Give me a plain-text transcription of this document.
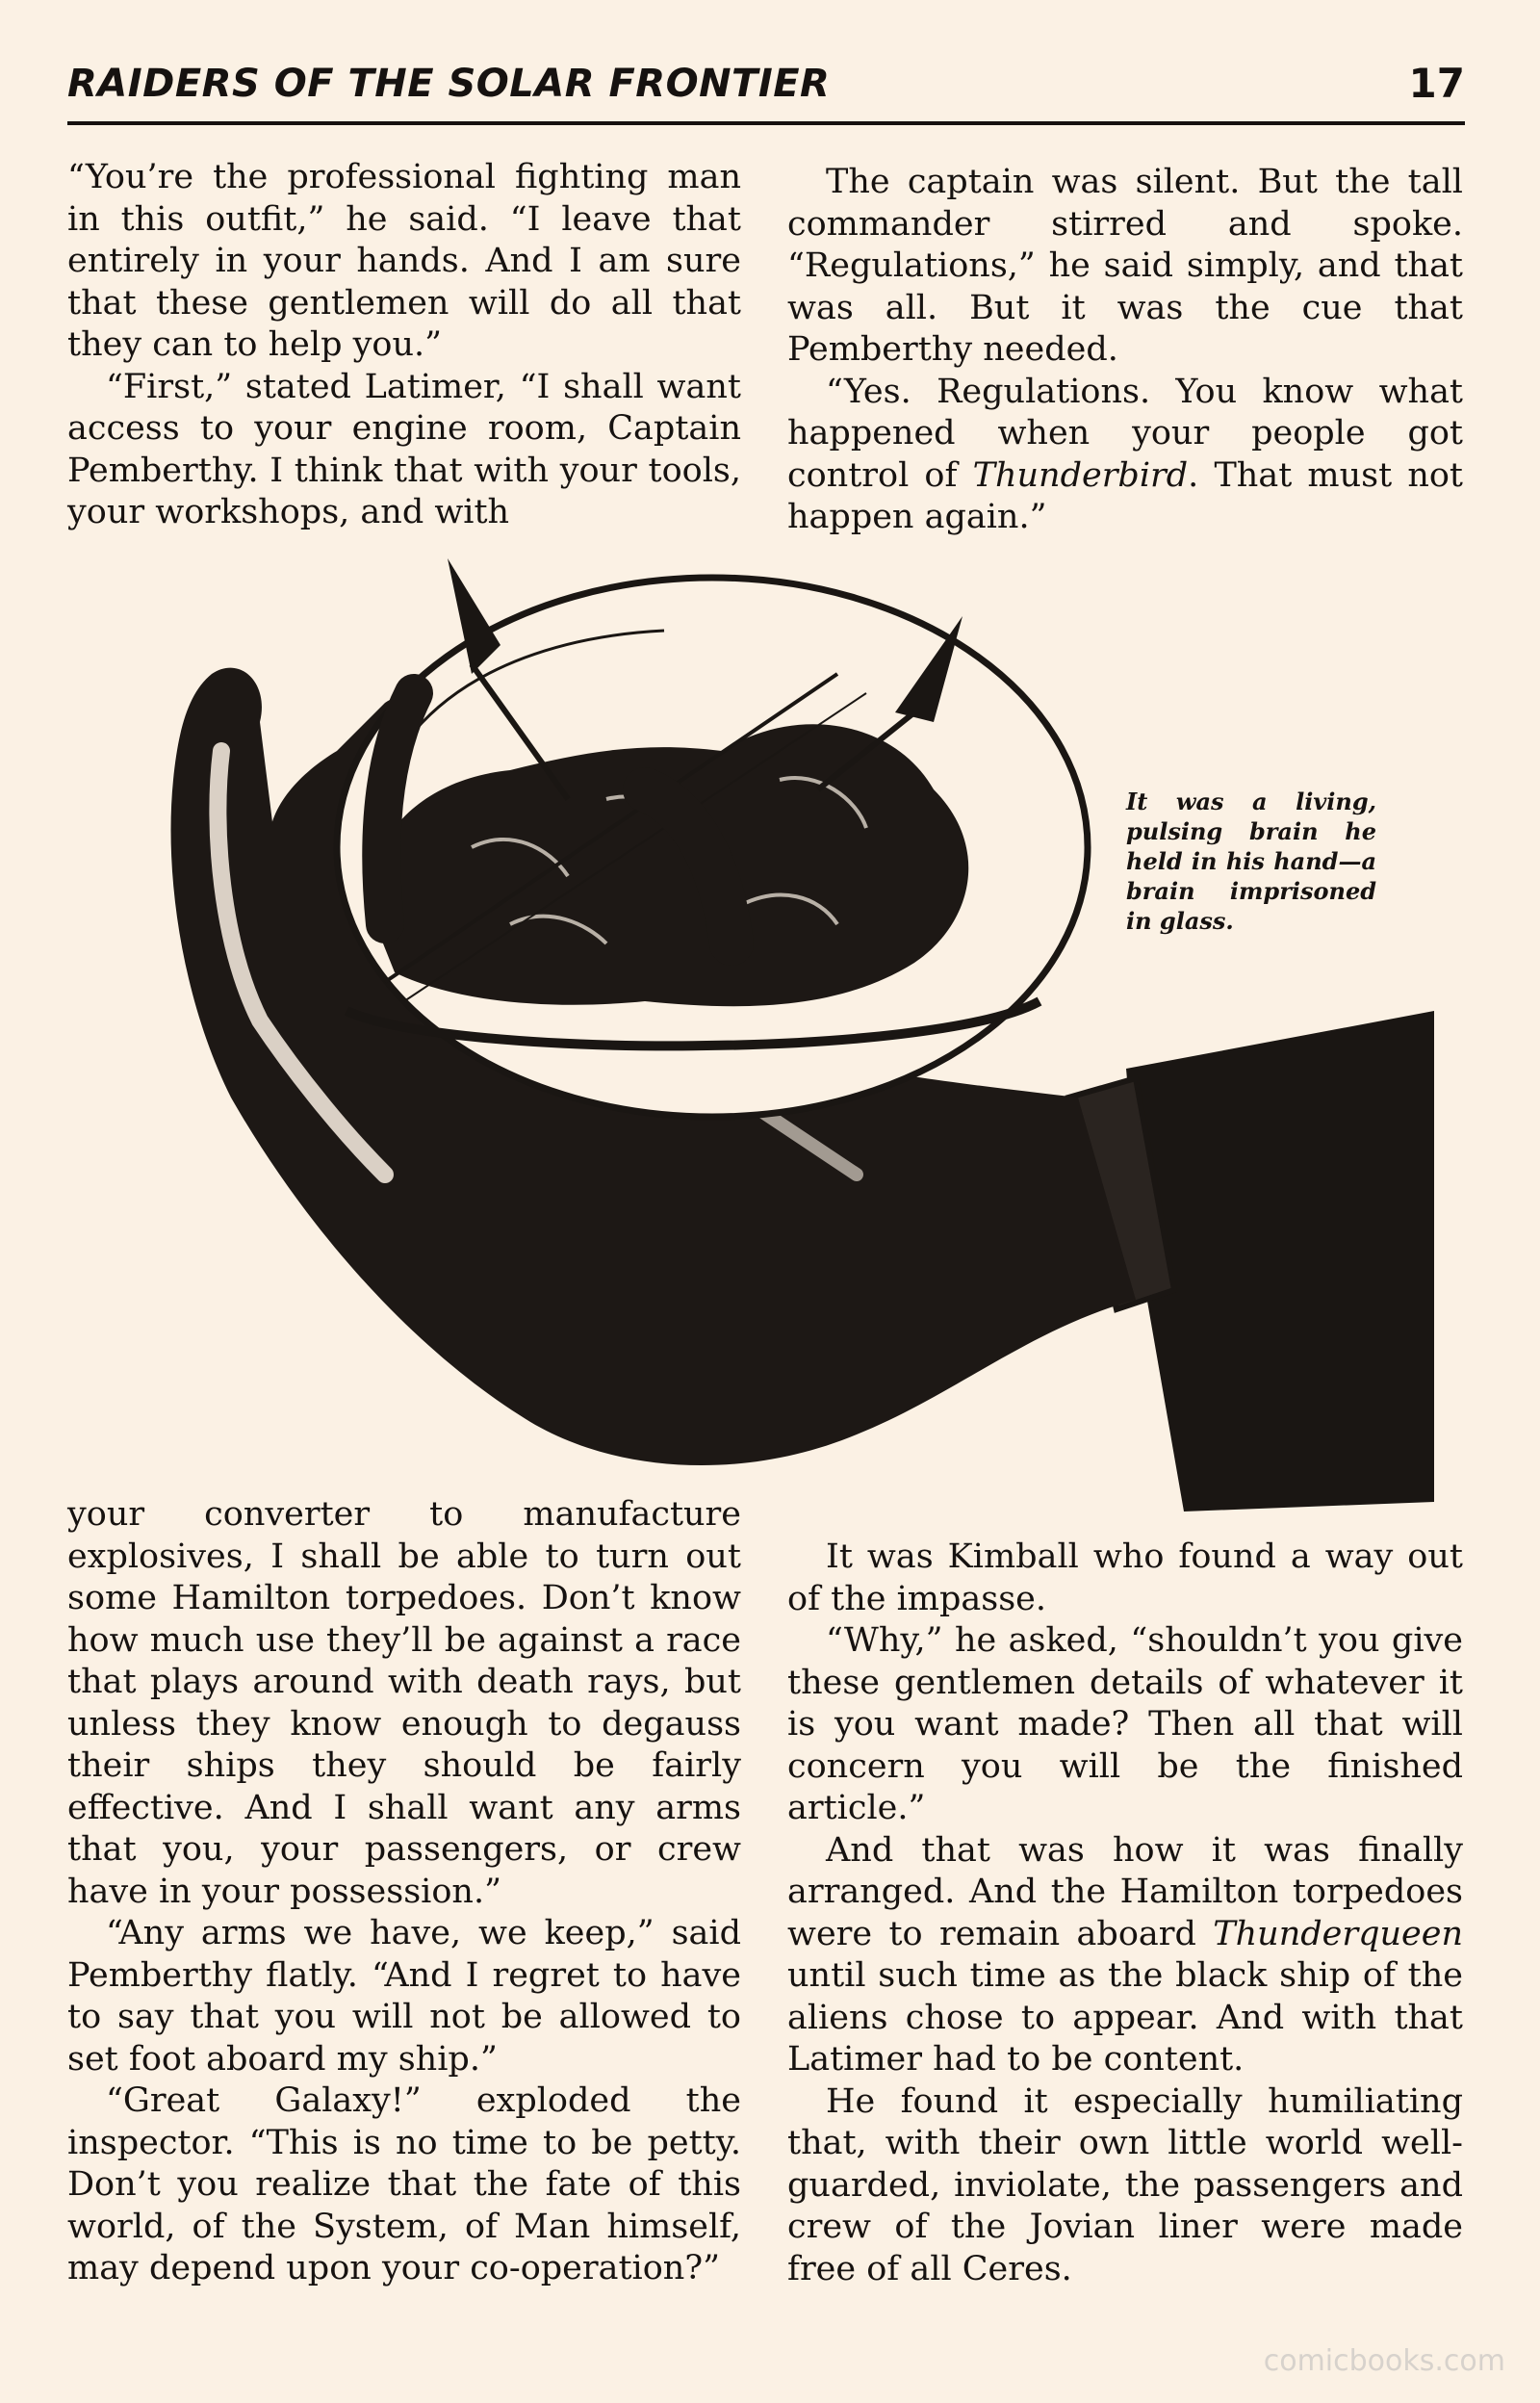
RAIDERS OF THE SOLAR FRONTIER	17

“You’re the professional fighting man in this outfit,” he said. “I leave that entirely in your hands. And I am sure that these gentlemen will do all that they can to help you.”

“First,” stated Latimer, “I shall want access to your engine room, Captain Pemberthy. I think that with your tools, your workshops, and with

The captain was silent. But the tall commander stirred and spoke. “Regulations,” he said simply, and that was all. But it was the cue that Pemberthy needed.

“Yes. Regulations. You know what happened when your people got control of Thunderbird. That must not happen again.”

It was a living, pulsing brain he held in his hand—a brain imprisoned in glass.

your converter to manufacture explosives, I shall be able to turn out some Hamilton torpedoes. Don’t know how much use they’ll be against a race that plays around with death rays, but unless they know enough to degauss their ships they should be fairly effective. And I shall want any arms that you, your passengers, or crew have in your possession.”

“Any arms we have, we keep,” said Pemberthy flatly. “And I regret to have to say that you will not be allowed to set foot aboard my ship.”

“Great Galaxy!” exploded the inspector. “This is no time to be petty. Don’t you realize that the fate of this world, of the System, of Man himself, may depend upon your co-operation?”

It was Kimball who found a way out of the impasse.

“Why,” he asked, “shouldn’t you give these gentlemen details of whatever it is you want made? Then all that will concern you will be the finished article.”

And that was how it was finally arranged. And the Hamilton torpedoes were to remain aboard Thunderqueen until such time as the black ship of the aliens chose to appear. And with that Latimer had to be content.

He found it especially humiliating that, with their own little world well-guarded, inviolate, the passengers and crew of the Jovian liner were made free of all Ceres.

comicbooks.com
